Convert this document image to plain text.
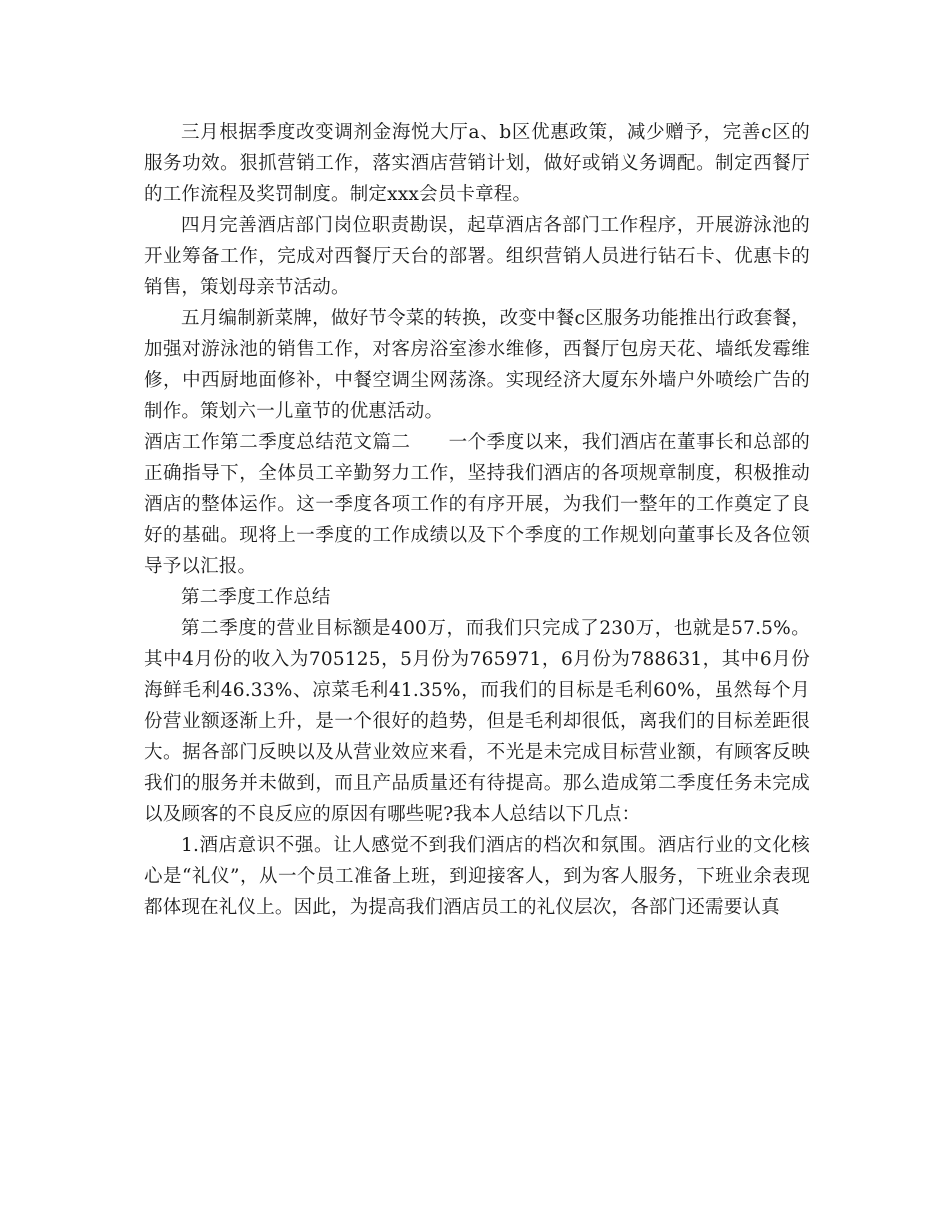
三月根据季度改变调剂金海悦大厅a、b区优惠政策，减少赠予，完善c区的服务功效。狠抓营销工作，落实酒店营销计划，做好或销义务调配。制定西餐厅的工作流程及奖罚制度。制定xxx会员卡章程。

四月完善酒店部门岗位职责勘误，起草酒店各部门工作程序，开展游泳池的开业筹备工作，完成对西餐厅天台的部署。组织营销人员进行钻石卡、优惠卡的销售，策划母亲节活动。

五月编制新菜牌，做好节令菜的转换，改变中餐c区服务功能推出行政套餐，加强对游泳池的销售工作，对客房浴室渗水维修，西餐厅包房天花、墙纸发霉维修，中西厨地面修补，中餐空调尘网荡涤。实现经济大厦东外墙户外喷绘广告的制作。策划六一儿童节的优惠活动。

酒店工作第二季度总结范文篇二　　一个季度以来，我们酒店在董事长和总部的正确指导下，全体员工辛勤努力工作，坚持我们酒店的各项规章制度，积极推动酒店的整体运作。这一季度各项工作的有序开展，为我们一整年的工作奠定了良好的基础。现将上一季度的工作成绩以及下个季度的工作规划向董事长及各位领导予以汇报。

第二季度工作总结

第二季度的营业目标额是400万，而我们只完成了230万，也就是57.5%。其中4月份的收入为705125，5月份为765971，6月份为788631，其中6月份海鲜毛利46.33%、凉菜毛利41.35%，而我们的目标是毛利60%，虽然每个月份营业额逐渐上升，是一个很好的趋势，但是毛利却很低，离我们的目标差距很大。据各部门反映以及从营业效应来看，不光是未完成目标营业额，有顾客反映我们的服务并未做到，而且产品质量还有待提高。那么造成第二季度任务未完成以及顾客的不良反应的原因有哪些呢?我本人总结以下几点：

1.酒店意识不强。让人感觉不到我们酒店的档次和氛围。酒店行业的文化核心是“礼仪”，从一个员工准备上班，到迎接客人，到为客人服务，下班业余表现都体现在礼仪上。因此，为提高我们酒店员工的礼仪层次，各部门还需要认真
